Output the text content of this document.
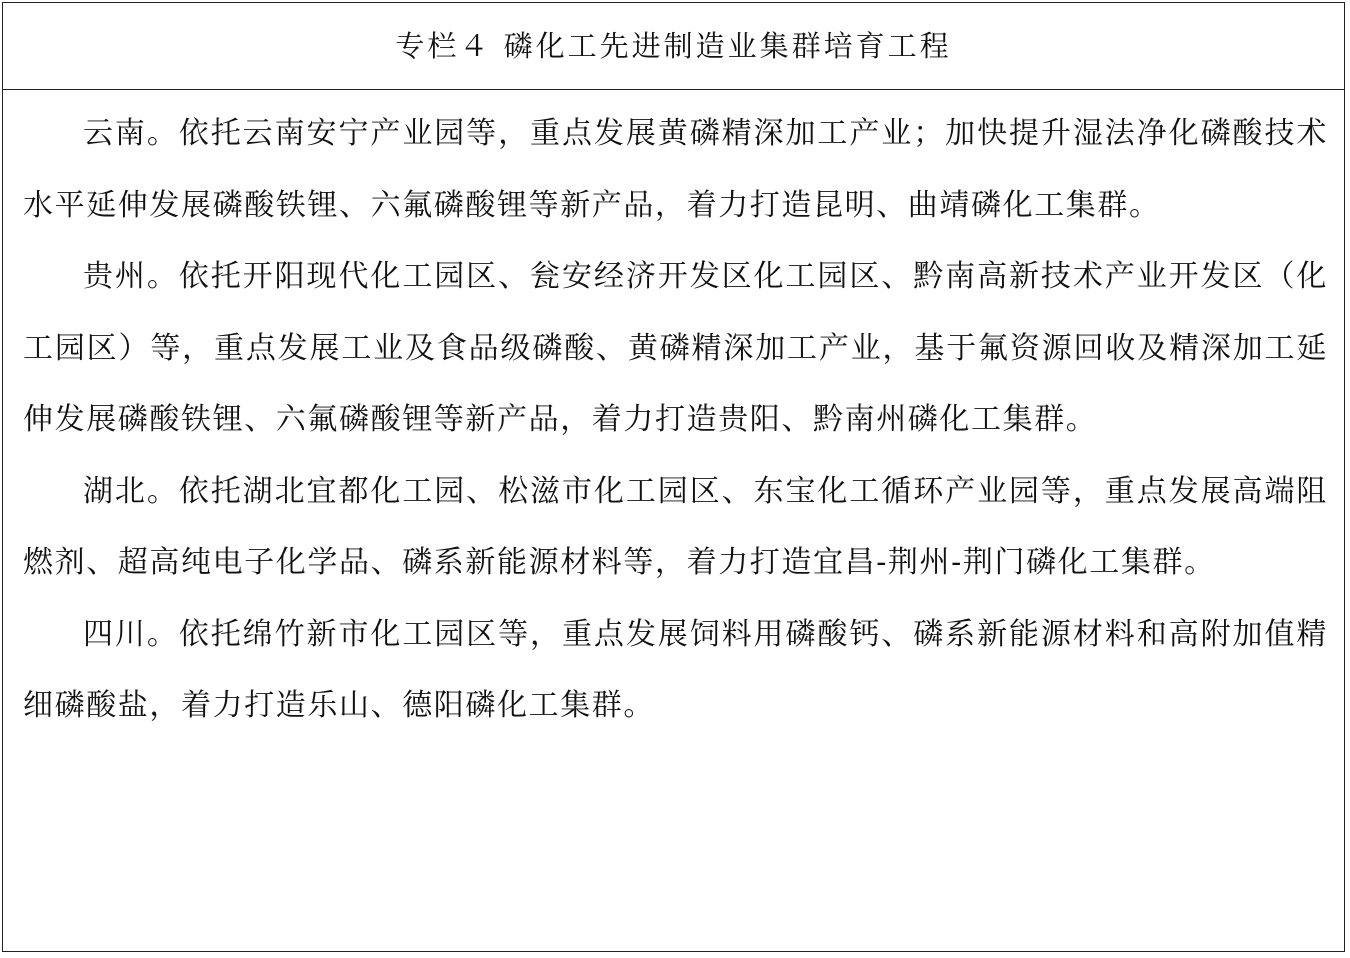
专栏４ 磷化工先进制造业集群培育工程

云南。依托云南安宁产业园等，重点发展黄磷精深加工产业；加快提升湿法净化磷酸技术水平延伸发展磷酸铁锂、六氟磷酸锂等新产品，着力打造昆明、曲靖磷化工集群。

贵州。依托开阳现代化工园区、瓮安经济开发区化工园区、黔南高新技术产业开发区（化工园区）等，重点发展工业及食品级磷酸、黄磷精深加工产业，基于氟资源回收及精深加工延伸发展磷酸铁锂、六氟磷酸锂等新产品，着力打造贵阳、黔南州磷化工集群。

湖北。依托湖北宜都化工园、松滋市化工园区、东宝化工循环产业园等，重点发展高端阻燃剂、超高纯电子化学品、磷系新能源材料等，着力打造宜昌-荆州-荆门磷化工集群。

四川。依托绵竹新市化工园区等，重点发展饲料用磷酸钙、磷系新能源材料和高附加值精细磷酸盐，着力打造乐山、德阳磷化工集群。
